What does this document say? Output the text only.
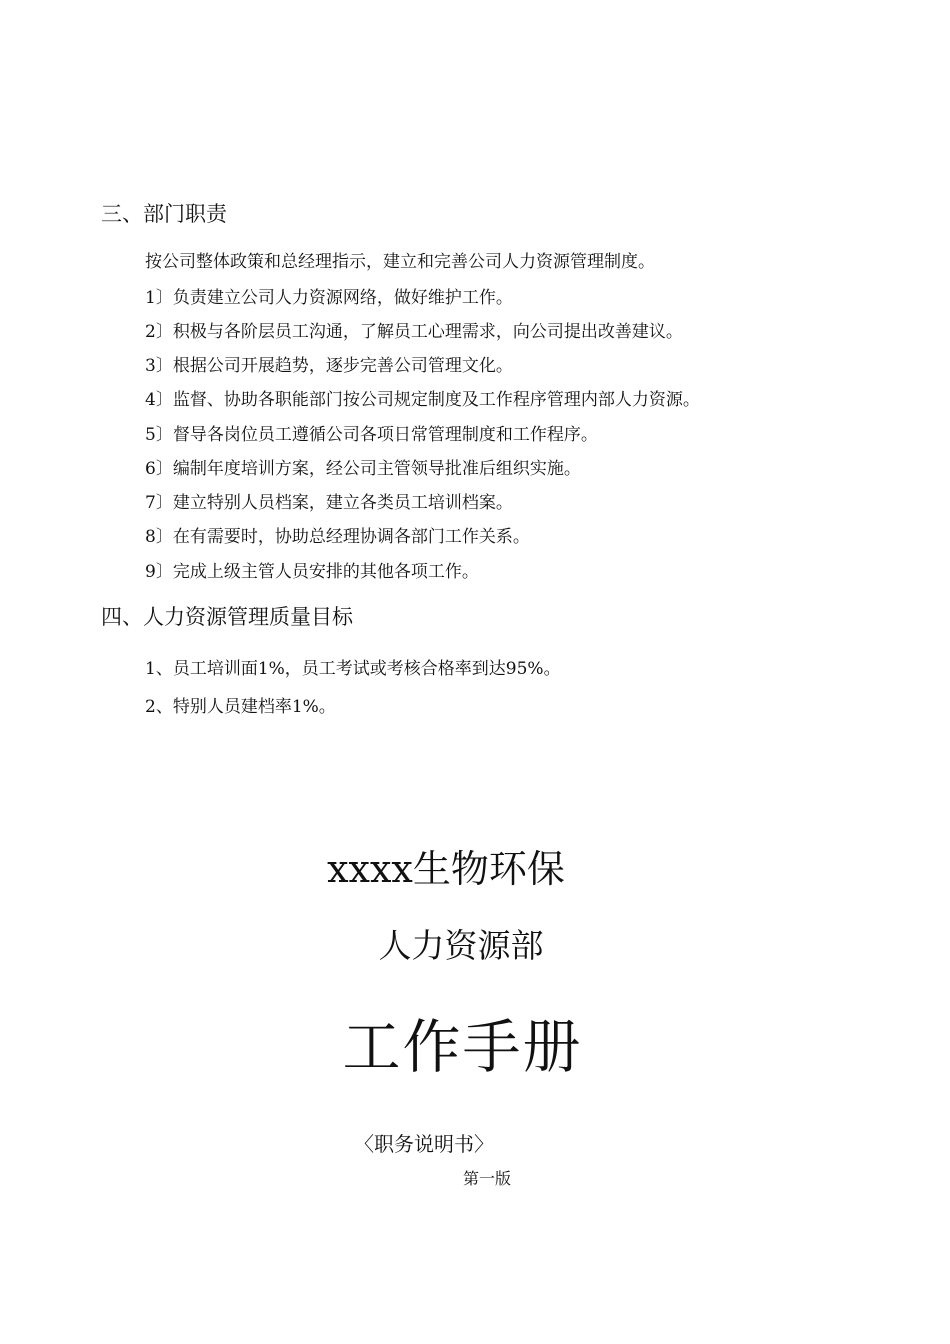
三、部门职责
按公司整体政策和总经理指示，建立和完善公司人力资源管理制度。
1〕负责建立公司人力资源网络，做好维护工作。
2〕积极与各阶层员工沟通，了解员工心理需求，向公司提出改善建议。
3〕根据公司开展趋势，逐步完善公司管理文化。
4〕监督、协助各职能部门按公司规定制度及工作程序管理内部人力资源。
5〕督导各岗位员工遵循公司各项日常管理制度和工作程序。
6〕编制年度培训方案，经公司主管领导批准后组织实施。
7〕建立特别人员档案，建立各类员工培训档案。
8〕在有需要时，协助总经理协调各部门工作关系。
9〕完成上级主管人员安排的其他各项工作。
四、人力资源管理质量目标
1、员工培训面1%，员工考试或考核合格率到达95%。
2、特别人员建档率1%。
xxxx生物环保
人力资源部
工作手册
〈职务说明书〉
第一版
